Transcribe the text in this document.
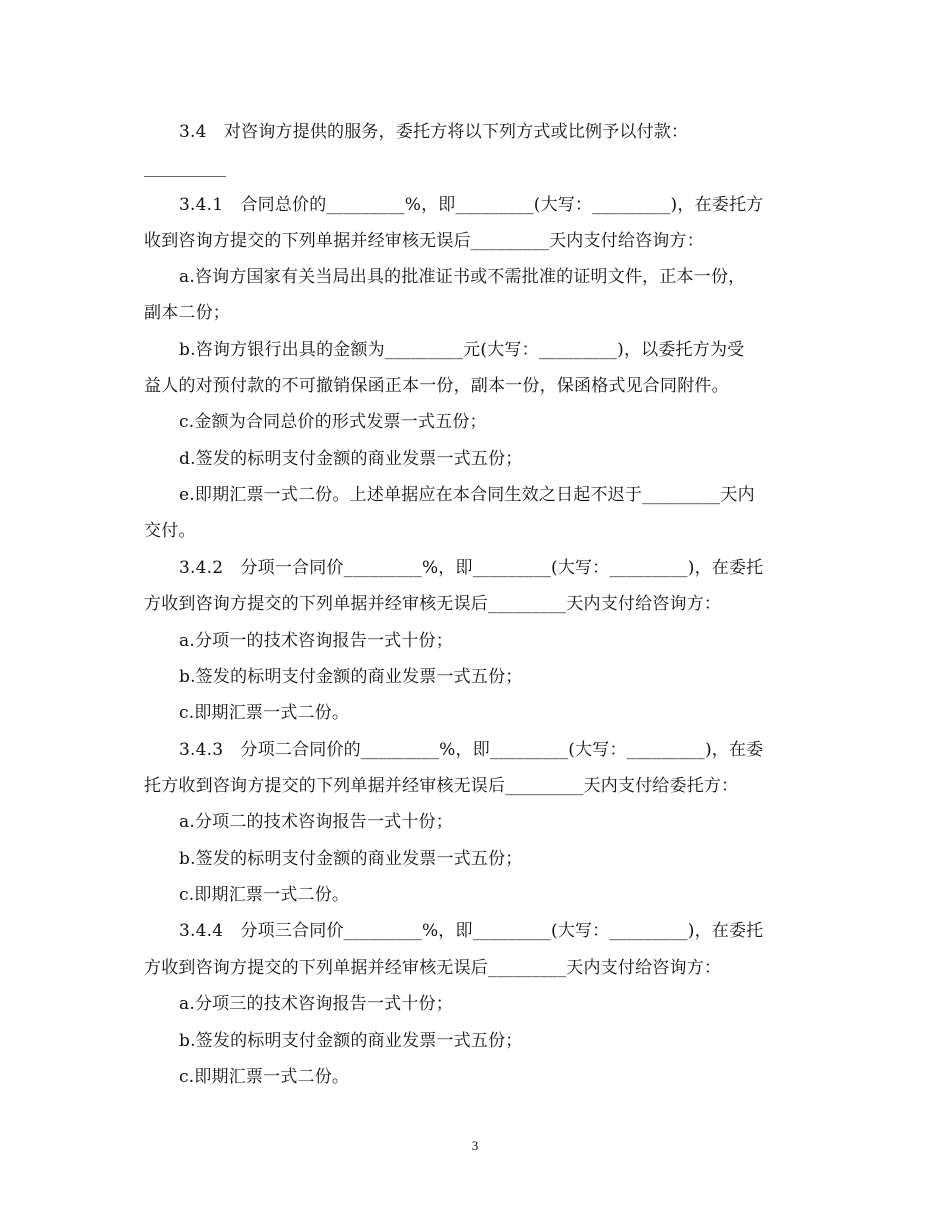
3.4　对咨询方提供的服务，委托方将以下列方式或比例予以付款：
3.4.1　合同总价的_________%，即_________(大写：_________)，在委托方
收到咨询方提交的下列单据并经审核无误后_________天内支付给咨询方：
a.咨询方国家有关当局出具的批准证书或不需批准的证明文件，正本一份，
副本二份；
b.咨询方银行出具的金额为_________元(大写：_________)，以委托方为受
益人的对预付款的不可撤销保函正本一份，副本一份，保函格式见合同附件。
c.金额为合同总价的形式发票一式五份；
d.签发的标明支付金额的商业发票一式五份；
e.即期汇票一式二份。上述单据应在本合同生效之日起不迟于_________天内
交付。
3.4.2　分项一合同价_________%，即_________(大写：_________)，在委托
方收到咨询方提交的下列单据并经审核无误后_________天内支付给咨询方：
a.分项一的技术咨询报告一式十份；
b.签发的标明支付金额的商业发票一式五份；
c.即期汇票一式二份。
3.4.3　分项二合同价的_________%，即_________(大写：_________)，在委
托方收到咨询方提交的下列单据并经审核无误后_________天内支付给委托方：
a.分项二的技术咨询报告一式十份；
b.签发的标明支付金额的商业发票一式五份；
c.即期汇票一式二份。
3.4.4　分项三合同价_________%，即_________(大写：_________)，在委托
方收到咨询方提交的下列单据并经审核无误后_________天内支付给咨询方：
a.分项三的技术咨询报告一式十份；
b.签发的标明支付金额的商业发票一式五份；
c.即期汇票一式二份。
3
